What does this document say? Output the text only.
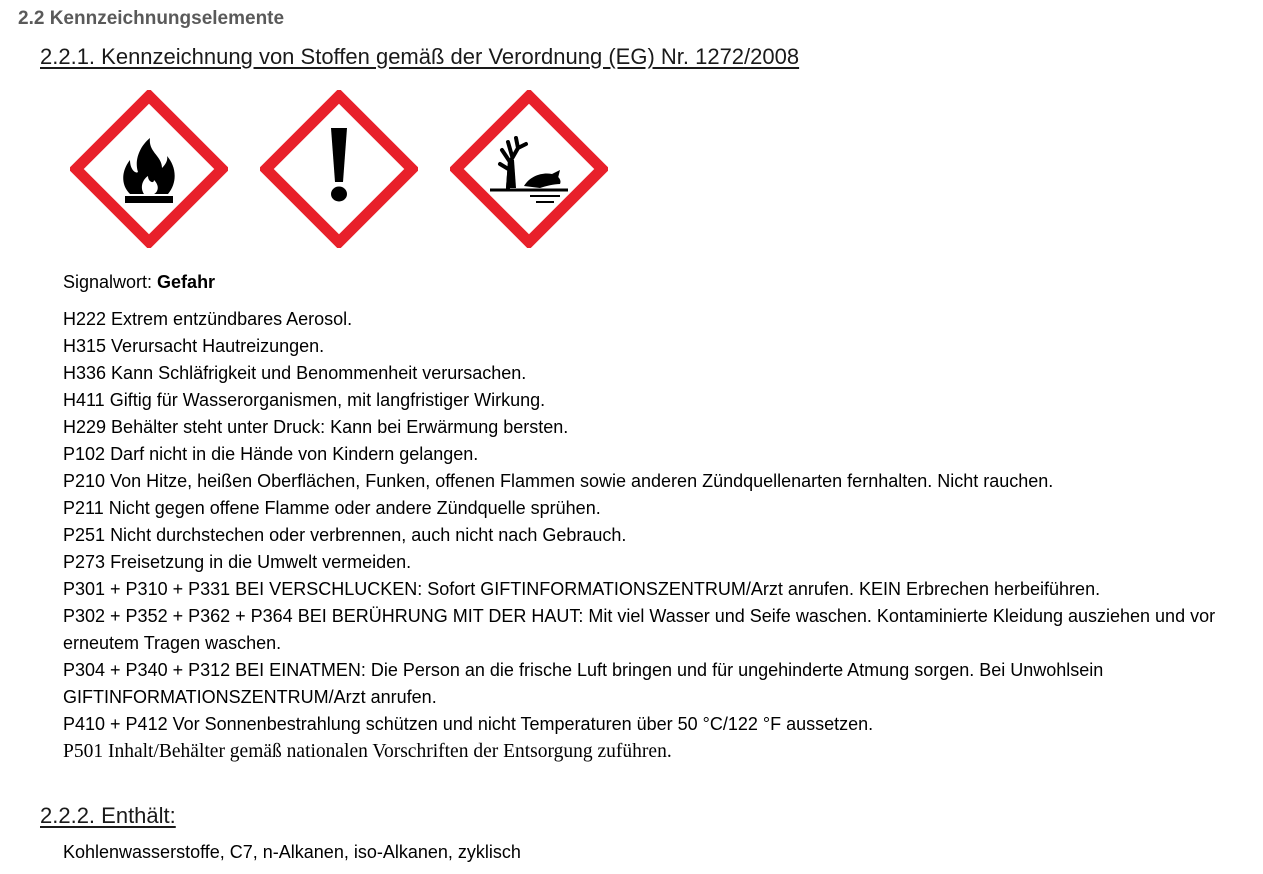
2.2 Kennzeichnungselemente
2.2.1. Kennzeichnung von Stoffen gemäß der Verordnung (EG) Nr. 1272/2008
Signalwort: Gefahr

H222 Extrem entzündbares Aerosol.

H315 Verursacht Hautreizungen.

H336 Kann Schläfrigkeit und Benommenheit verursachen.

H411 Giftig für Wasserorganismen, mit langfristiger Wirkung.

H229 Behälter steht unter Druck: Kann bei Erwärmung bersten.

P102 Darf nicht in die Hände von Kindern gelangen.

P210 Von Hitze, heißen Oberflächen, Funken, offenen Flammen sowie anderen Zündquellenarten fernhalten. Nicht rauchen.

P211 Nicht gegen offene Flamme oder andere Zündquelle sprühen.

P251 Nicht durchstechen oder verbrennen, auch nicht nach Gebrauch.

P273 Freisetzung in die Umwelt vermeiden.

P301 + P310 + P331 BEI VERSCHLUCKEN: Sofort GIFTINFORMATIONSZENTRUM/Arzt anrufen. KEIN Erbrechen herbeiführen.

P302 + P352 + P362 + P364 BEI BERÜHRUNG MIT DER HAUT: Mit viel Wasser und Seife waschen. Kontaminierte Kleidung ausziehen und vor erneutem Tragen waschen.

P304 + P340 + P312 BEI EINATMEN: Die Person an die frische Luft bringen und für ungehinderte Atmung sorgen. Bei Unwohlsein GIFTINFORMATIONSZENTRUM/Arzt anrufen.

P410 + P412 Vor Sonnenbestrahlung schützen und nicht Temperaturen über 50 °C/122 °F aussetzen.

P501 Inhalt/Behälter gemäß nationalen Vorschriften der Entsorgung zuführen.

2.2.2. Enthält:
Kohlenwasserstoffe, C7, n-Alkanen, iso-Alkanen, zyklisch
